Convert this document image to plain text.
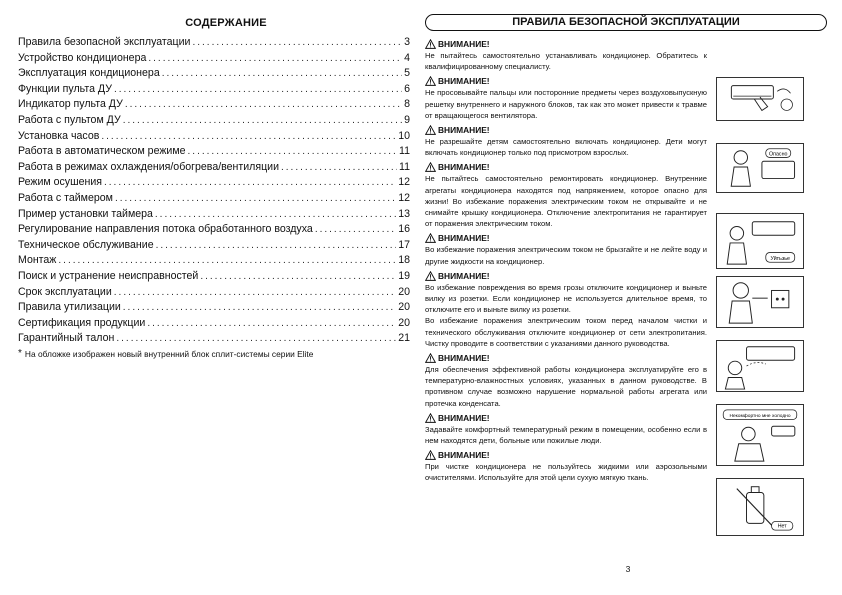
СОДЕРЖАНИЕ
Правила безопасной эксплуатации .....	3
Устройство кондиционера .....	4
Эксплуатация кондиционера .....	5
Функции пульта ДУ .....	6
Индикатор пульта ДУ .....	8
Работа с пультом ДУ .....	9
Установка часов .....	10
Работа в автоматическом режиме .....	11
Работа в режимах охлаждения/обогрева/вентиляции .....	11
Режим осушения .....	12
Работа с таймером .....	12
Пример установки таймера .....	13
Регулирование направления потока обработанного воздуха .....	16
Техническое обслуживание .....	17
Монтаж .....	18
Поиск и устранение неисправностей .....	19
Срок эксплуатации .....	20
Правила утилизации .....	20
Сертификация продукции .....	20
Гарантийный талон .....	21
* На обложке изображен новый внутренний блок сплит-системы серии Elite
ПРАВИЛА БЕЗОПАСНОЙ ЭКСПЛУАТАЦИИ
ВНИМАНИЕ!

Не пытайтесь самостоятельно устанавливать кондиционер. Обратитесь к квалифицированному специалисту.

ВНИМАНИЕ!

Не просовывайте пальцы или посторонние предметы через воздуховыпускную решетку внутреннего и наружного блоков, так как это может привести к травме от вращающегося вентилятора.

ВНИМАНИЕ!

Не разрешайте детям самостоятельно включать кондиционер. Дети могут включать кондиционер только под присмотром взрослых.

ВНИМАНИЕ!

Не пытайтесь самостоятельно ремонтировать кондиционер. Внутренние агрегаты кондиционера находятся под напряжением, которое опасно для жизни! Во избежание поражения электрическим током не открывайте и не снимайте крышку кондиционера. Отключение электропитания не гарантирует от поражения электрическим током.

ВНИМАНИЕ!

Во избежание поражения электрическим током не брызгайте и не лейте воду и другие жидкости на кондиционер.

ВНИМАНИЕ!

Во избежание повреждения во время грозы отключите кондиционер и выньте вилку из розетки. Если кондиционер не используется длительное время, то отключите его и выньте вилку из розетки.

Во избежание поражения электрическим током перед началом чистки и технического обслуживания отключите кондиционер от сети электропитания. Чистку проводите в соответствии с указаниями данного руководства.

ВНИМАНИЕ!

Для обеспечения эффективной работы кондиционера эксплуатируйте его в температурно-влажностных условиях, указанных в данном руководстве. В противном случае возможно нарушение нормальной работы агрегата или протечка конденсата.

ВНИМАНИЕ!

Задавайте комфортный температурный режим в помещении, особенно если в нем находятся дети, больные или пожилые люди.

ВНИМАНИЕ!

При чистке кондиционера не пользуйтесь жидкими или аэрозольными очистителями. Используйте для этой цели сухую мягкую ткань.

Опасно
Уйтьзье
Некомфортно мне холодно
Нет
3
